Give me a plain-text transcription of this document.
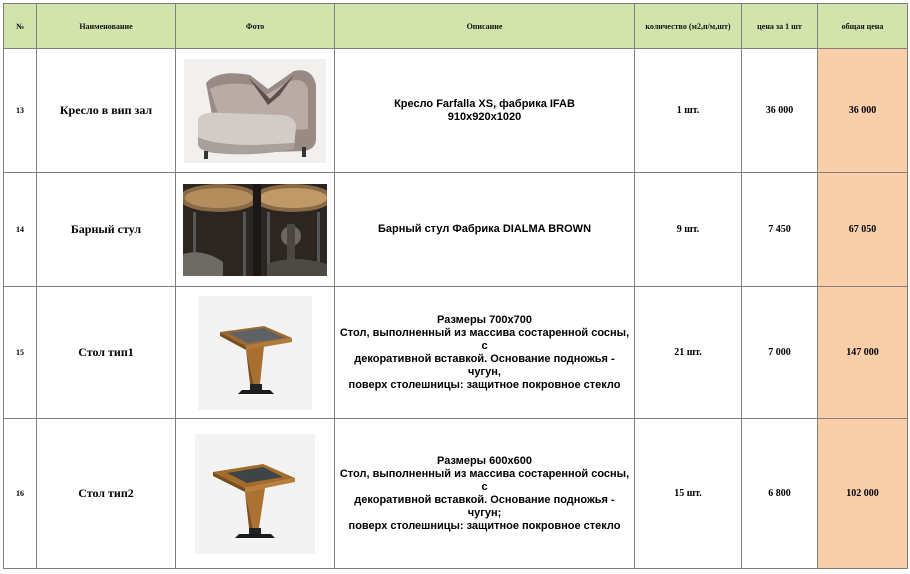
№	Наименование	Фото	Описание	количество (м2,п/м,шт)	цена за 1 шт	общая цена
13	Кресло в вип зал		Кресло Farfalla XS, фабрика IFAB
910x920x1020	1 шт.	36 000	36 000
14	Барный стул		Барный стул Фабрика DIALMA BROWN	9 шт.	7 450	67 050
15	Стол тип1		Размеры 700х700
Стол, выполненный из массива состаренной сосны, с
декоративной вставкой. Основание подножья - чугун,
поверх столешницы: защитное покровное стекло	21 шт.	7 000	147 000
16	Стол тип2		Размеры 600х600
Стол, выполненный из массива состаренной сосны, с
декоративной вставкой. Основание подножья - чугун;
поверх столешницы: защитное покровное стекло	15 шт.	6 800	102 000
